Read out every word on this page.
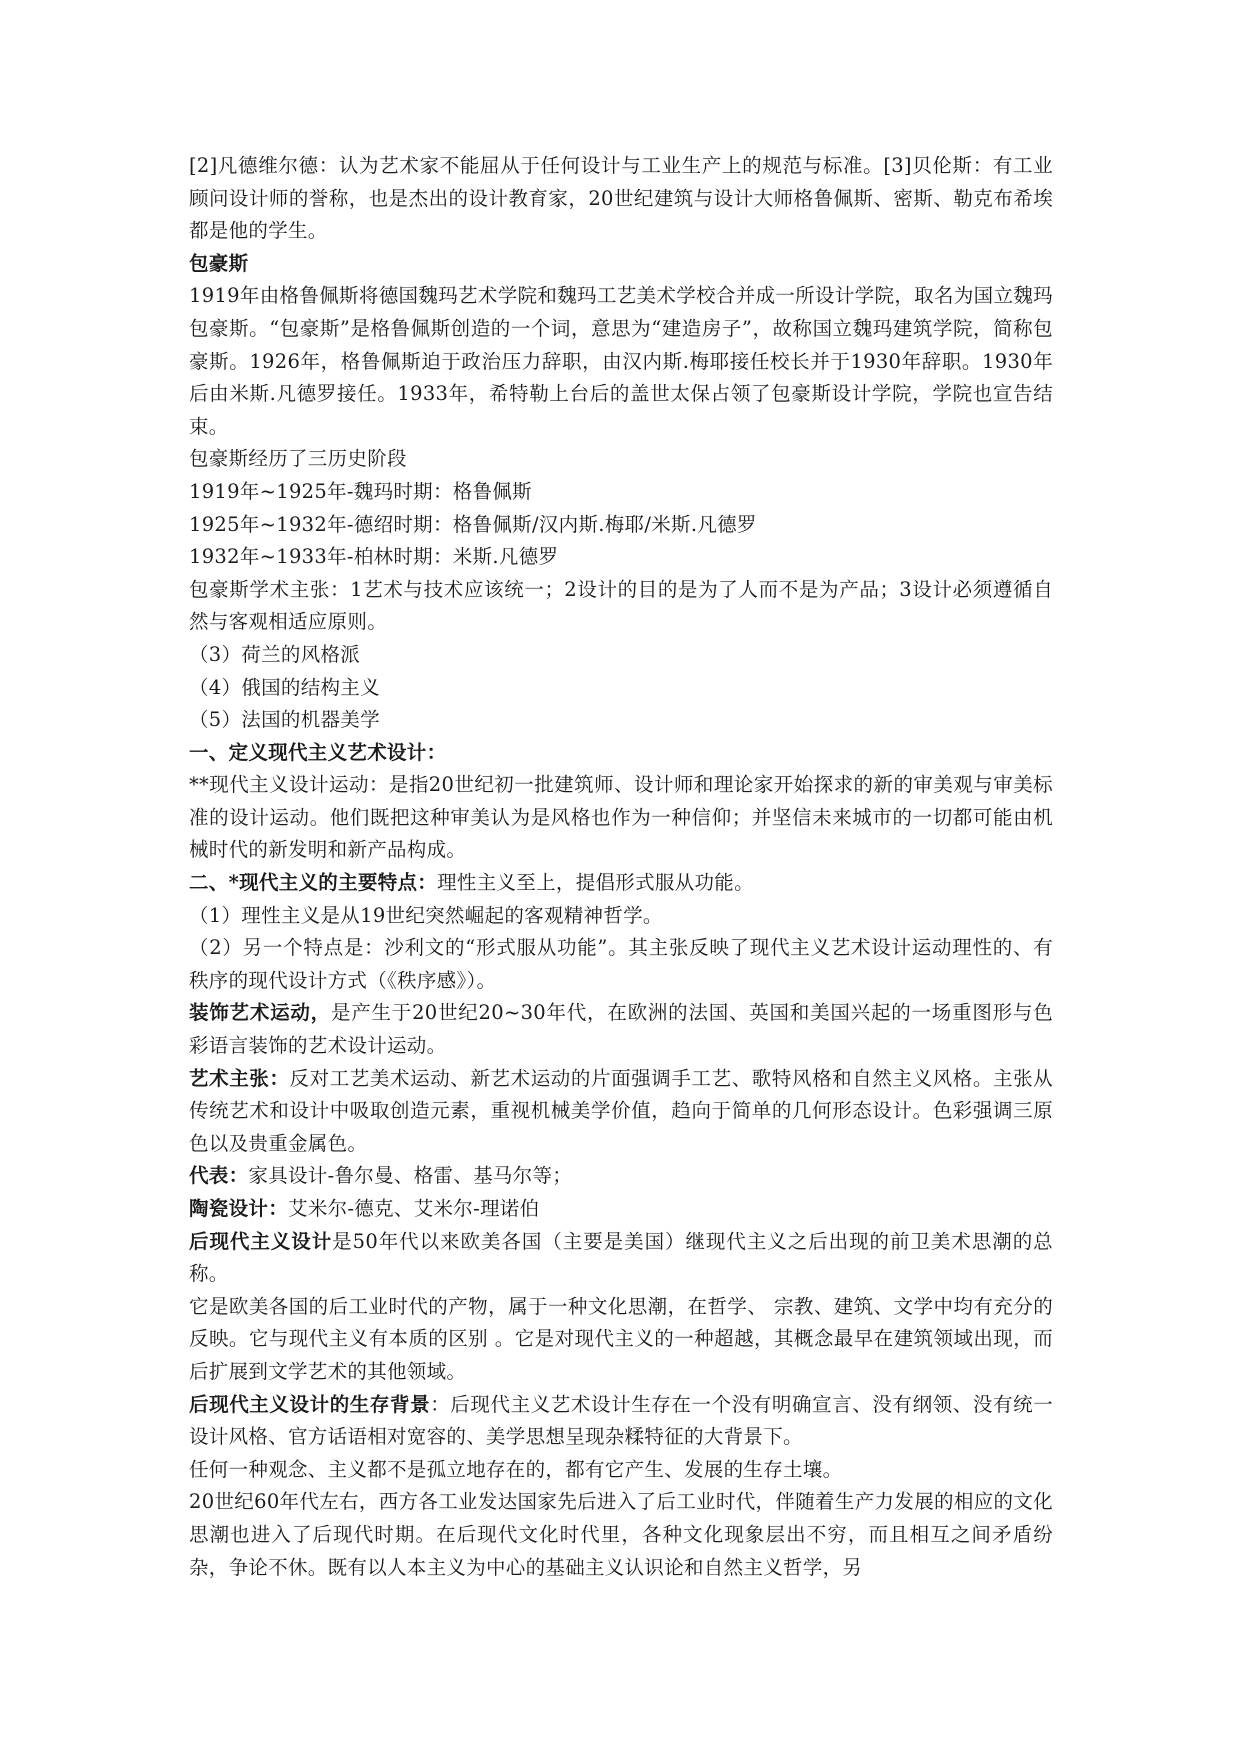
[2]凡德维尔德：认为艺术家不能屈从于任何设计与工业生产上的规范与标准。[3]贝伦斯：有工业顾问设计师的誉称，也是杰出的设计教育家，20世纪建筑与设计大师格鲁佩斯、密斯、勒克布希埃都是他的学生。

包豪斯

1919年由格鲁佩斯将德国魏玛艺术学院和魏玛工艺美术学校合并成一所设计学院，取名为国立魏玛包豪斯。“包豪斯”是格鲁佩斯创造的一个词，意思为“建造房子”，故称国立魏玛建筑学院，简称包豪斯。1926年，格鲁佩斯迫于政治压力辞职，由汉内斯.梅耶接任校长并于1930年辞职。1930年后由米斯.凡德罗接任。1933年，希特勒上台后的盖世太保占领了包豪斯设计学院，学院也宣告结束。

包豪斯经历了三历史阶段

1919年~1925年-魏玛时期：格鲁佩斯

1925年~1932年-德绍时期：格鲁佩斯/汉内斯.梅耶/米斯.凡德罗

1932年~1933年-柏林时期：米斯.凡德罗

包豪斯学术主张：1艺术与技术应该统一；2设计的目的是为了人而不是为产品；3设计必须遵循自然与客观相适应原则。

（3）荷兰的风格派

（4）俄国的结构主义

（5）法国的机器美学

一、定义现代主义艺术设计：

**现代主义设计运动：是指20世纪初一批建筑师、设计师和理论家开始探求的新的审美观与审美标准的设计运动。他们既把这种审美认为是风格也作为一种信仰；并坚信未来城市的一切都可能由机械时代的新发明和新产品构成。

二、*现代主义的主要特点：理性主义至上，提倡形式服从功能。

（1）理性主义是从19世纪突然崛起的客观精神哲学。

（2）另一个特点是：沙利文的“形式服从功能”。其主张反映了现代主义艺术设计运动理性的、有秩序的现代设计方式（《秩序感》）。

装饰艺术运动，是产生于20世纪20~30年代，在欧洲的法国、英国和美国兴起的一场重图形与色彩语言装饰的艺术设计运动。

艺术主张：反对工艺美术运动、新艺术运动的片面强调手工艺、歌特风格和自然主义风格。主张从传统艺术和设计中吸取创造元素，重视机械美学价值，趋向于简单的几何形态设计。色彩强调三原色以及贵重金属色。

代表：家具设计-鲁尔曼、格雷、基马尔等；

陶瓷设计：艾米尔-德克、艾米尔-理诺伯

后现代主义设计是50年代以来欧美各国（主要是美国）继现代主义之后出现的前卫美术思潮的总称。

它是欧美各国的后工业时代的产物，属于一种文化思潮，在哲学、 宗教、建筑、文学中均有充分的反映。它与现代主义有本质的区别 。它是对现代主义的一种超越，其概念最早在建筑领域出现，而后扩展到文学艺术的其他领域。

后现代主义设计的生存背景：后现代主义艺术设计生存在一个没有明确宣言、没有纲领、没有统一设计风格、官方话语相对宽容的、美学思想呈现杂糅特征的大背景下。

任何一种观念、主义都不是孤立地存在的，都有它产生、发展的生存土壤。

20世纪60年代左右，西方各工业发达国家先后进入了后工业时代，伴随着生产力发展的相应的文化思潮也进入了后现代时期。在后现代文化时代里，各种文化现象层出不穷，而且相互之间矛盾纷杂，争论不休。既有以人本主义为中心的基础主义认识论和自然主义哲学，另
